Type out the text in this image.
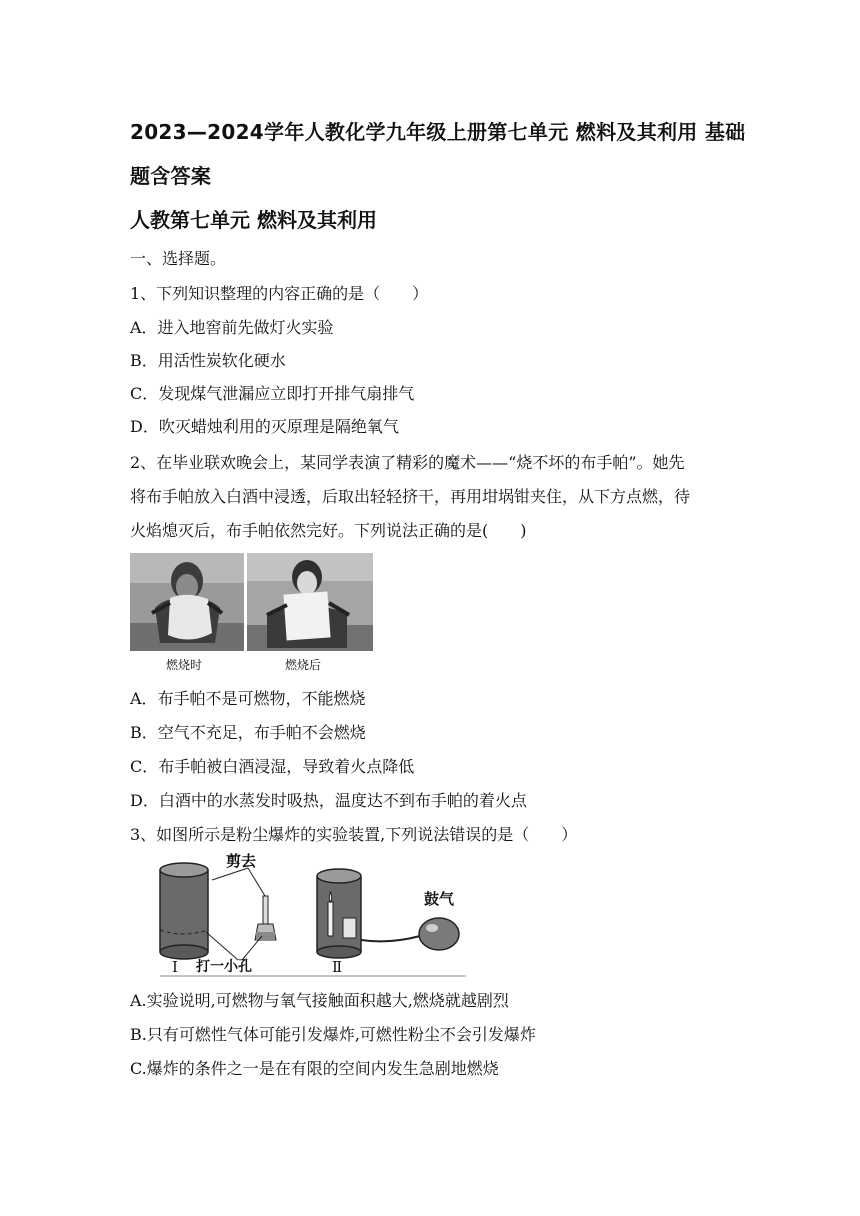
2023—2024学年人教化学九年级上册第七单元 燃料及其利用 基础
题含答案
人教第七单元 燃料及其利用
一、选择题。
1、下列知识整理的内容正确的是（　　）
A．进入地窖前先做灯火实验
B．用活性炭软化硬水
C．发现煤气泄漏应立即打开排气扇排气
D．吹灭蜡烛利用的灭原理是隔绝氧气
2、在毕业联欢晚会上，某同学表演了精彩的魔术——“烧不坏的布手帕”。她先
将布手帕放入白酒中浸透，后取出轻轻挤干，再用坩埚钳夹住，从下方点燃，待
火焰熄灭后，布手帕依然完好。下列说法正确的是(　　)
燃烧时	燃烧后
A．布手帕不是可燃物，不能燃烧
B．空气不充足，布手帕不会燃烧
C．布手帕被白酒浸湿，导致着火点降低
D．白酒中的水蒸发时吸热，温度达不到布手帕的着火点
3、如图所示是粉尘爆炸的实验装置,下列说法错误的是（　　）
剪去
打一小孔
鼓气
Ⅰ	Ⅱ
A.实验说明,可燃物与氧气接触面积越大,燃烧就越剧烈
B.只有可燃性气体可能引发爆炸,可燃性粉尘不会引发爆炸
C.爆炸的条件之一是在有限的空间内发生急剧地燃烧
